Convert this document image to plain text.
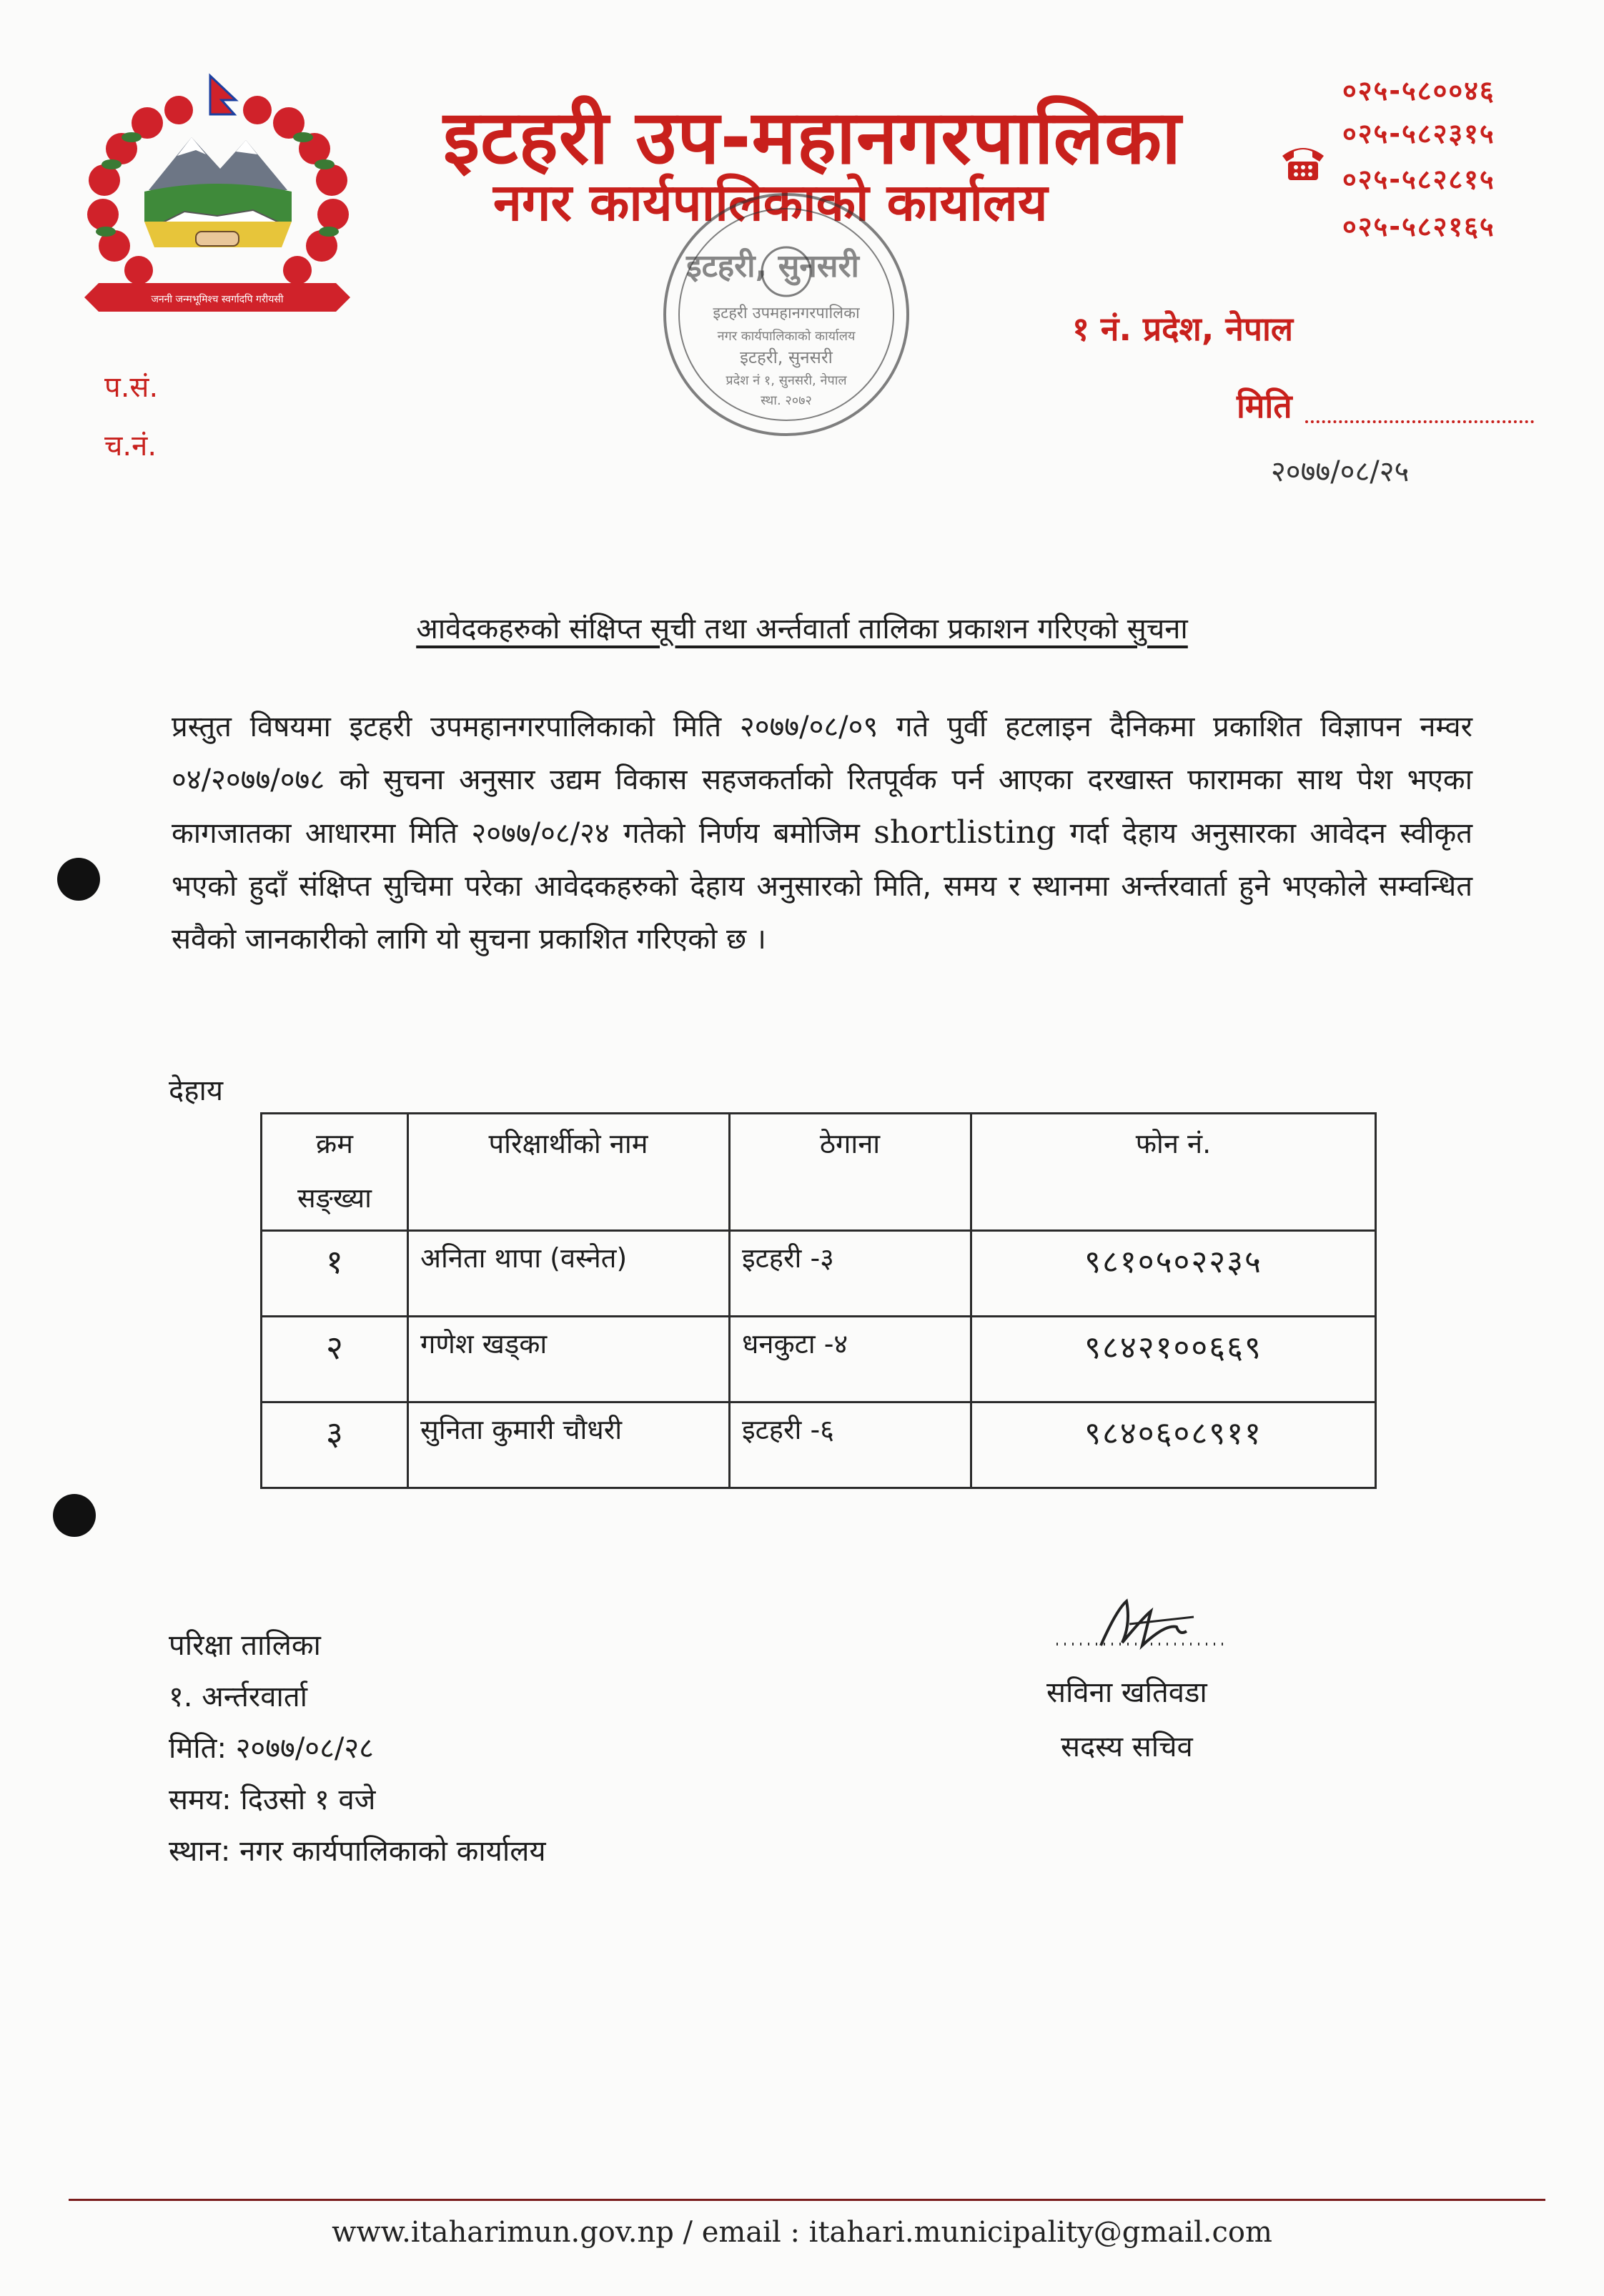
जननी जन्मभूमिश्च स्वर्गादपि गरीयसी
इटहरी उप-महानगरपालिका
नगर कार्यपालिकाको कार्यालय
इटहरी उपमहानगरपालिका
नगर कार्यपालिकाको कार्यालय
इटहरी, सुनसरी
प्रदेश नं १, सुनसरी, नेपाल
स्था. २०७२
इटहरी, सुनसरी
०२५-५८००४६
०२५-५८२३१५
०२५-५८२८१५
०२५-५८२१६५
१ नं. प्रदेश, नेपाल
मिति
२०७७/०८/२५
प.सं.
च.नं.
आवेदकहरुको संक्षिप्त सूची तथा अर्न्तवार्ता तालिका प्रकाशन गरिएको सुचना
प्रस्तुत विषयमा इटहरी उपमहानगरपालिकाको मिति २०७७/०८/०९ गते पुर्वी हटलाइन दैनिकमा प्रकाशित विज्ञापन नम्वर ०४/२०७७/०७८ को सुचना अनुसार उद्यम विकास सहजकर्ताको रितपूर्वक पर्न आएका दरखास्त फारामका साथ पेश भएका कागजातका आधारमा मिति २०७७/०८/२४ गतेको निर्णय बमोजिम shortlisting गर्दा देहाय अनुसारका आवेदन स्वीकृत भएको हुदाँ संक्षिप्त सुचिमा परेका आवेदकहरुको देहाय अनुसारको मिति, समय र स्थानमा अर्न्तरवार्ता हुने भएकोले सम्वन्धित सवैको जानकारीको लागि यो सुचना प्रकाशित गरिएको छ ।
देहाय
क्रम
सङ्ख्या	परिक्षार्थीको नाम	ठेगाना	फोन नं.
१	अनिता थापा (वस्नेत)	इटहरी -३	९८१०५०२२३५
२	गणेश खड्का	धनकुटा -४	९८४२१००६६९
३	सुनिता कुमारी चौधरी	इटहरी -६	९८४०६०८९११
परिक्षा तालिका
१. अर्न्तरवार्ता
मिति: २०७७/०८/२८
समय: दिउसो १ वजे
स्थान: नगर कार्यपालिकाको कार्यालय
सविना खतिवडा
सदस्य सचिव
www.itaharimun.gov.np / email : itahari.municipality@gmail.com
